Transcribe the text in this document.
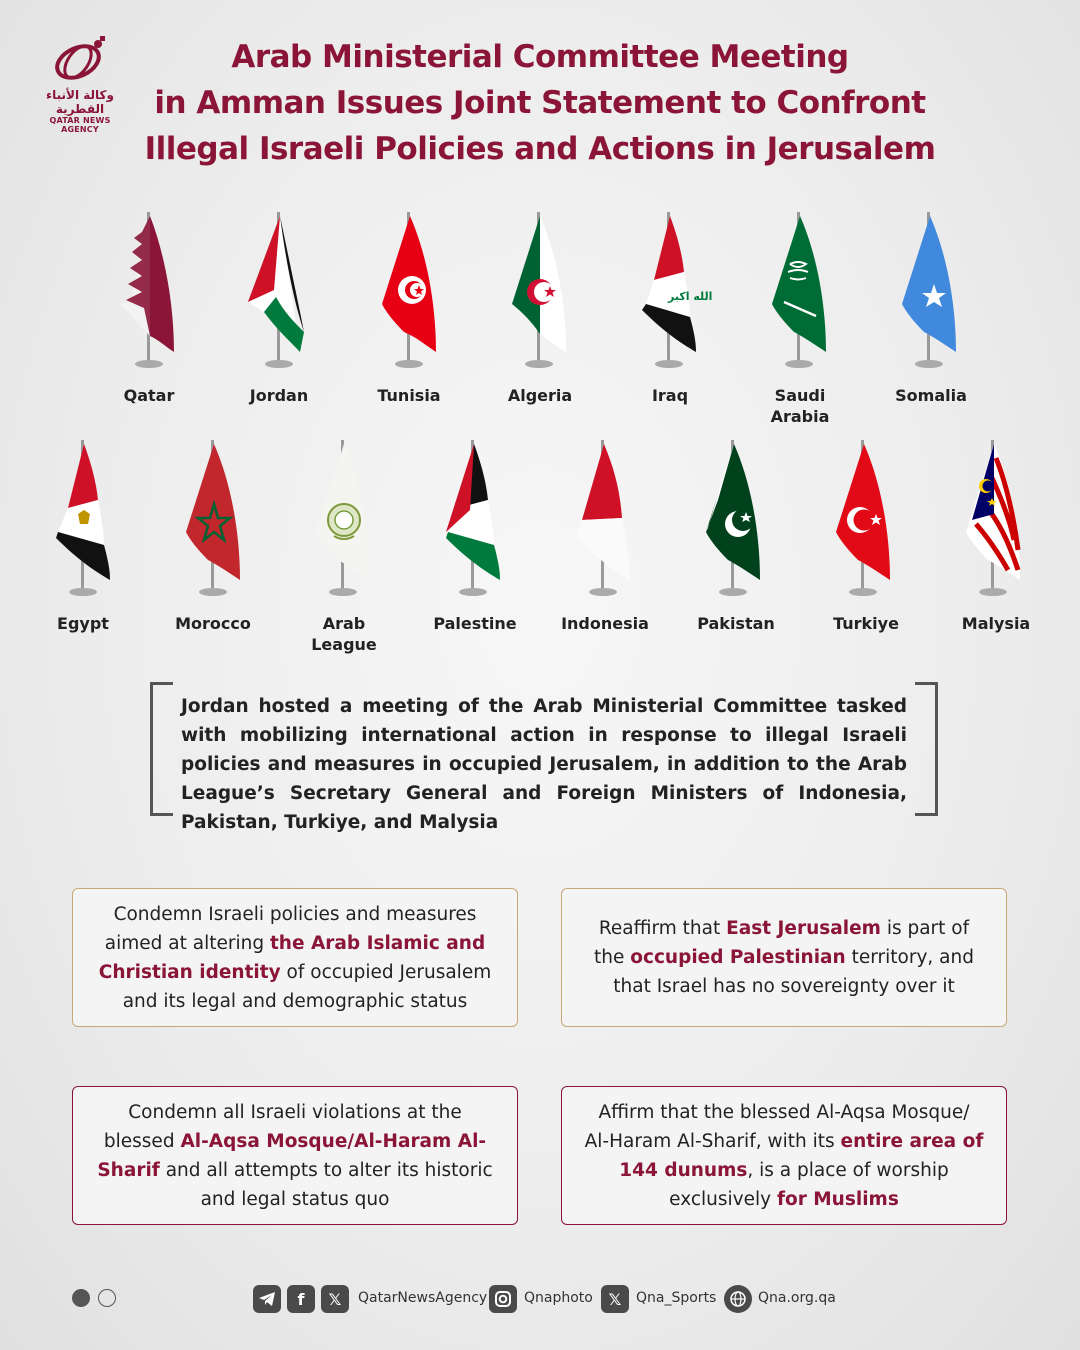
وكالة الأنباء القطرية
QATAR NEWS AGENCY
Arab Ministerial Committee Meeting
in Amman Issues Joint Statement to Confront
Illegal Israeli Policies and Actions in Jerusalem
الله اكبر
Qatar	Jordan	Tunisia	Algeria	Iraq	Saudi Arabia
Somalia
Egypt	Morocco	Arab League
Palestine	Indonesia	Pakistan	Turkiye	Malysia

Jordan hosted a meeting of the Arab Ministerial Committee tasked with mobilizing international action in response to illegal Israeli policies and measures in occupied Jerusalem, in addition to the Arab League’s Secretary General and Foreign Ministers of Indonesia, Pakistan, Turkiye, and Malysia

Condemn Israeli policies and measures aimed at altering the Arab Islamic and Christian identity of occupied Jerusalem and its legal and demographic status
Reaffirm that East Jerusalem is part of the occupied Palestinian territory, and that Israel has no sovereignty over it
Condemn all Israeli violations at the blessed Al-Aqsa Mosque/Al-Haram Al-Sharif and all attempts to alter its historic and legal status quo
Affirm that the blessed Al-Aqsa Mosque/ Al-Haram Al-Sharif, with its entire area of 144 dunums, is a place of worship exclusively for Muslims
f	𝕏	QatarNewsAgency	Qnaphoto 𝕏	Qna_Sports	Qna.org.qa
